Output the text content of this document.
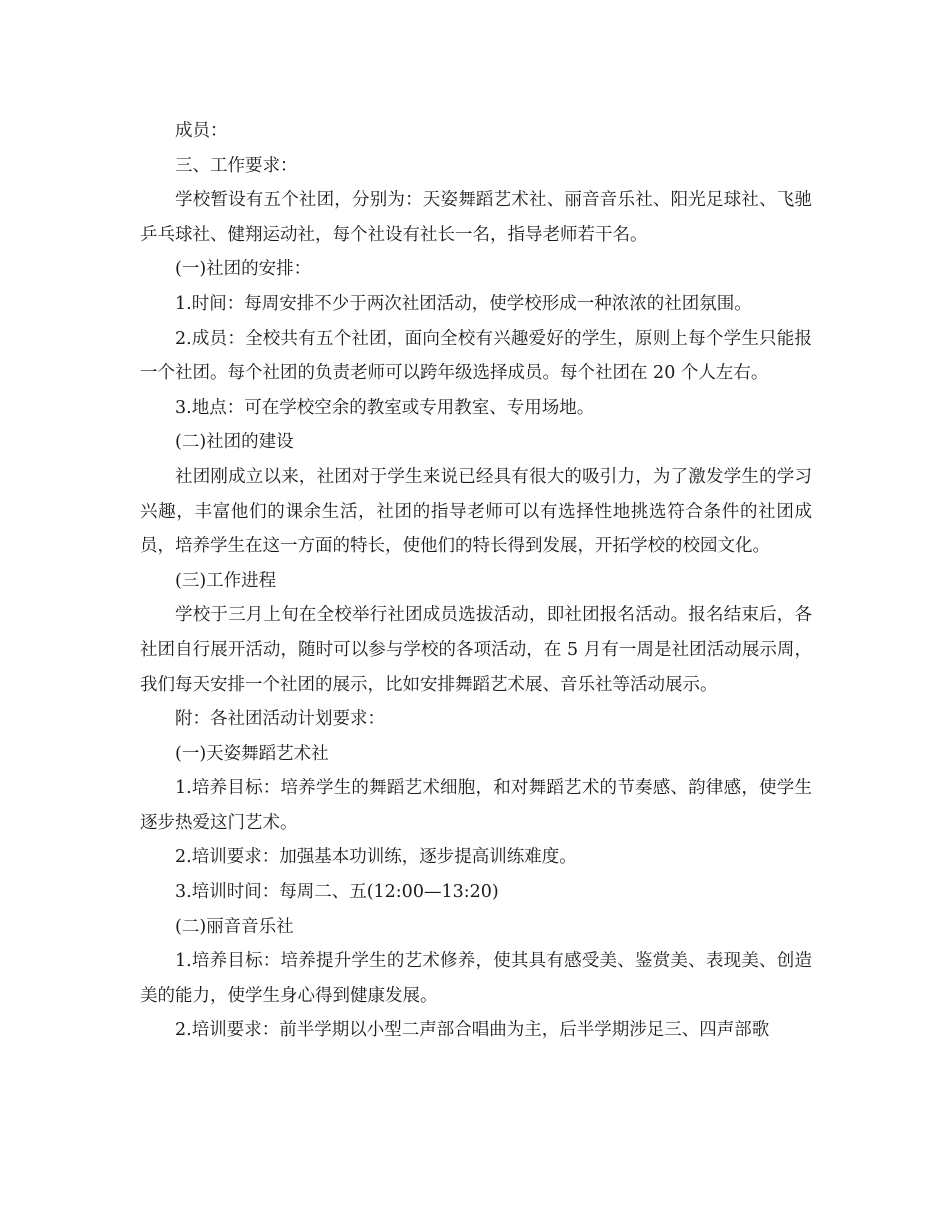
成员：

三、工作要求：

学校暂设有五个社团，分别为：天姿舞蹈艺术社、丽音音乐社、阳光足球社、飞驰乒乓球社、健翔运动社，每个社设有社长一名，指导老师若干名。

(一)社团的安排：

1.时间：每周安排不少于两次社团活动，使学校形成一种浓浓的社团氛围。

2.成员：全校共有五个社团，面向全校有兴趣爱好的学生，原则上每个学生只能报一个社团。每个社团的负责老师可以跨年级选择成员。每个社团在 20 个人左右。

3.地点：可在学校空余的教室或专用教室、专用场地。

(二)社团的建设

社团刚成立以来，社团对于学生来说已经具有很大的吸引力，为了激发学生的学习兴趣，丰富他们的课余生活，社团的指导老师可以有选择性地挑选符合条件的社团成员，培养学生在这一方面的特长，使他们的特长得到发展，开拓学校的校园文化。

(三)工作进程

学校于三月上旬在全校举行社团成员选拔活动，即社团报名活动。报名结束后，各社团自行展开活动，随时可以参与学校的各项活动，在 5 月有一周是社团活动展示周，我们每天安排一个社团的展示，比如安排舞蹈艺术展、音乐社等活动展示。

附：各社团活动计划要求：

(一)天姿舞蹈艺术社

1.培养目标：培养学生的舞蹈艺术细胞，和对舞蹈艺术的节奏感、韵律感，使学生逐步热爱这门艺术。

2.培训要求：加强基本功训练，逐步提高训练难度。

3.培训时间：每周二、五(12:00—13:20)

(二)丽音音乐社

1.培养目标：培养提升学生的艺术修养，使其具有感受美、鉴赏美、表现美、创造美的能力，使学生身心得到健康发展。

2.培训要求：前半学期以小型二声部合唱曲为主，后半学期涉足三、四声部歌
